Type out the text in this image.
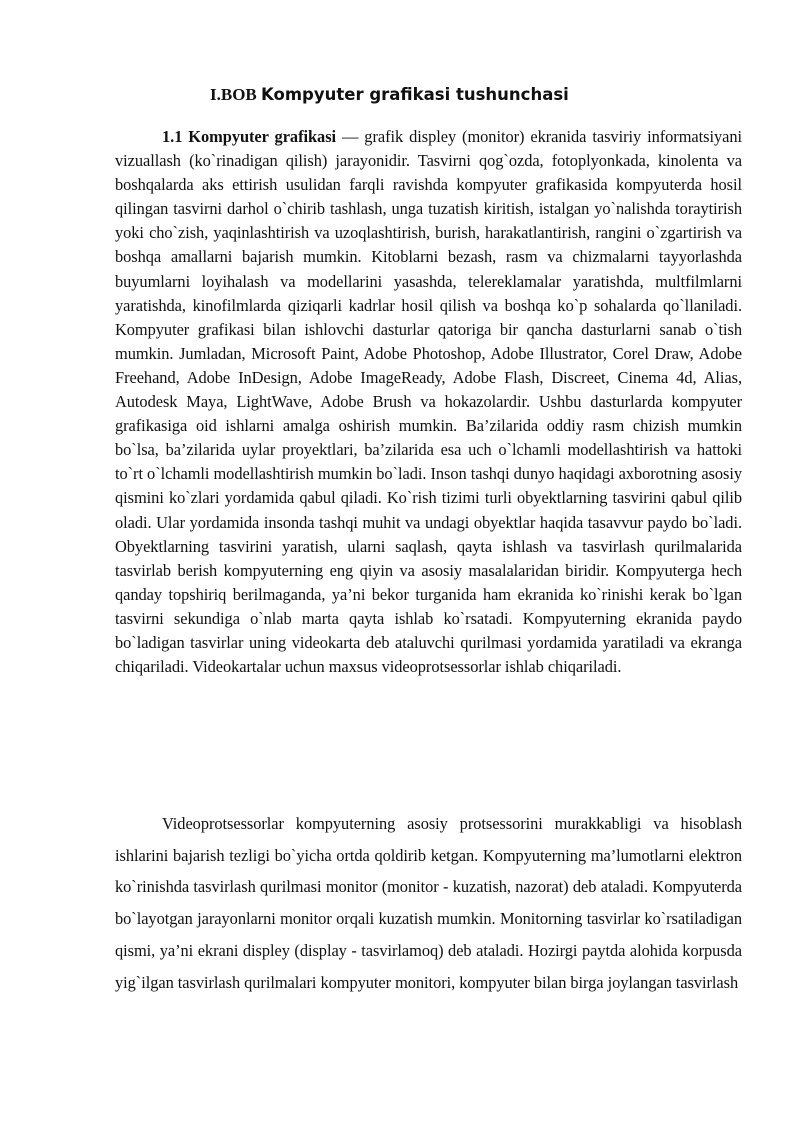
I.BOB Kompyuter grafikasi tushunchasi

1.1 Kompyuter grafikasi — grafik displey (monitor) ekranida tasviriy informatsiyani vizuallash (ko`rinadigan qilish) jarayonidir. Tasvirni qog`ozda, fotoplyonkada, kinolenta va boshqalarda aks ettirish usulidan farqli ravishda kompyuter grafikasida kompyuterda hosil qilingan tasvirni darhol o`chirib tashlash, unga tuzatish kiritish, istalgan yo`nalishda toraytirish yoki cho`zish, yaqinlashtirish va uzoqlashtirish, burish, harakatlantirish, rangini o`zgartirish va boshqa amallarni bajarish mumkin. Kitoblarni bezash, rasm va chizmalarni tayyorlashda buyumlarni loyihalash va modellarini yasashda, telereklamalar yaratishda, multfilmlarni yaratishda, kinofilmlarda qiziqarli kadrlar hosil qilish va boshqa ko`p sohalarda qo`llaniladi. Kompyuter grafikasi bilan ishlovchi dasturlar qatoriga bir qancha dasturlarni sanab o`tish mumkin. Jumladan, Microsoft Paint, Adobe Photoshop, Adobe Illustrator, Corel Draw, Adobe Freehand, Adobe InDesign, Adobe ImageReady, Adobe Flash, Discreet, Cinema 4d, Alias, Autodesk Maya, LightWave, Adobe Brush va hokazolardir. Ushbu dasturlarda kompyuter grafikasiga oid ishlarni amalga oshirish mumkin. Ba’zilarida oddiy rasm chizish mumkin bo`lsa, ba’zilarida uylar proyektlari, ba’zilarida esa uch o`lchamli modellashtirish va hattoki to`rt o`lchamli modellashtirish mumkin bo`ladi. Inson tashqi dunyo haqidagi axborotning asosiy qismini ko`zlari yordamida qabul qiladi. Ko`rish tizimi turli obyektlarning tasvirini qabul qilib oladi. Ular yordamida insonda tashqi muhit va undagi obyektlar haqida tasavvur paydo bo`ladi. Obyektlarning tasvirini yaratish, ularni saqlash, qayta ishlash va tasvirlash qurilmalarida tasvirlab berish kompyuterning eng qiyin va asosiy masalalaridan biridir. Kompyuterga hech qanday topshiriq berilmaganda, ya’ni bekor turganida ham ekranida ko`rinishi kerak bo`lgan tasvirni sekundiga o`nlab marta qayta ishlab ko`rsatadi. Kompyuterning ekranida paydo bo`ladigan tasvirlar uning videokarta deb ataluvchi qurilmasi yordamida yaratiladi va ekranga chiqariladi. Videokartalar uchun maxsus videoprotsessorlar ishlab chiqariladi.

Videoprotsessorlar kompyuterning asosiy protsessorini murakkabligi va hisoblash ishlarini bajarish tezligi bo`yicha ortda qoldirib ketgan. Kompyuterning ma’lumotlarni elektron ko`rinishda tasvirlash qurilmasi monitor (monitor - kuzatish, nazorat) deb ataladi. Kompyuterda bo`layotgan jarayonlarni monitor orqali kuzatish mumkin. Monitorning tasvirlar ko`rsatiladigan qismi, ya’ni ekrani displey (display - tasvirlamoq) deb ataladi. Hozirgi paytda alohida korpusda yig`ilgan tasvirlash qurilmalari kompyuter monitori, kompyuter bilan birga joylangan tasvirlash
